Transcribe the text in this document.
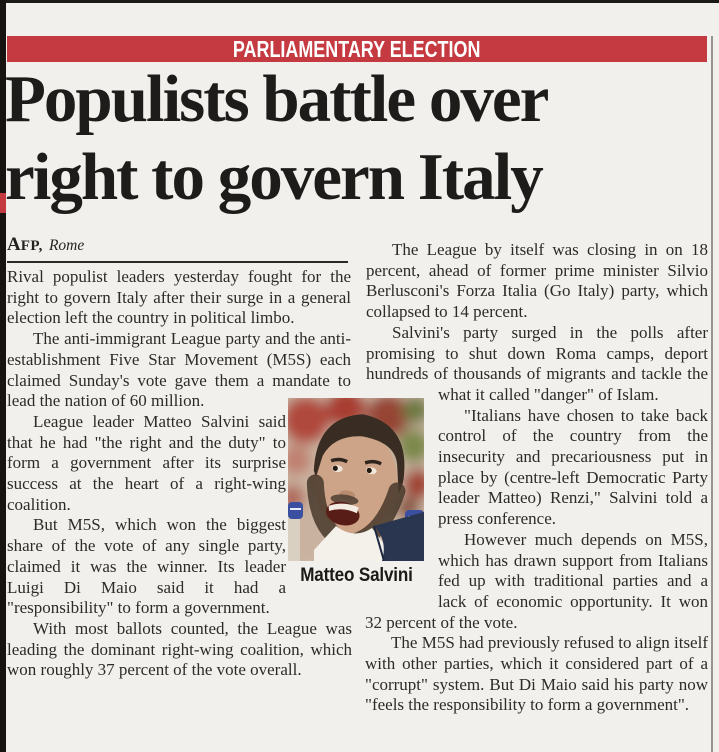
PARLIAMENTARY ELECTION
Populists battle over
right to govern Italy
AFP, Rome

Rival populist leaders yesterday fought for the right to govern Italy after their surge in a general election left the country in political limbo.

The anti-immigrant League party and the anti-establishment Five Star Movement (M5S) each claimed Sunday's vote gave them a mandate to lead the nation of 60 million.

League leader Matteo Salvini said that he had "the right and the duty" to form a government after its surprise success at the heart of a right-wing coalition.

But M5S, which won the biggest share of the vote of any single party, claimed it was the winner. Its leader Luigi Di Maio said it had a "responsibility" to form a government.

With most ballots counted, the League was leading the dominant right-wing coalition, which won roughly 37 percent of the vote overall.

The League by itself was closing in on 18 percent, ahead of former prime minister Silvio Berlusconi's Forza Italia (Go Italy) party, which collapsed to 14 percent.

Salvini's party surged in the polls after promising to shut down Roma camps, deport hundreds of thousands of migrants and tackle the what it called "danger" of Islam.

"Italians have chosen to take back control of the country from the insecurity and precariousness put in place by (centre-left Democratic Party leader Matteo) Renzi," Salvini told a press conference.

However much depends on M5S, which has drawn support from Italians fed up with traditional parties and a lack of economic opportunity. It won 32 percent of the vote.

The M5S had previously refused to align itself with other parties, which it considered part of a "corrupt" system. But Di Maio said his party now "feels the responsibility to form a government".

Matteo Salvini
